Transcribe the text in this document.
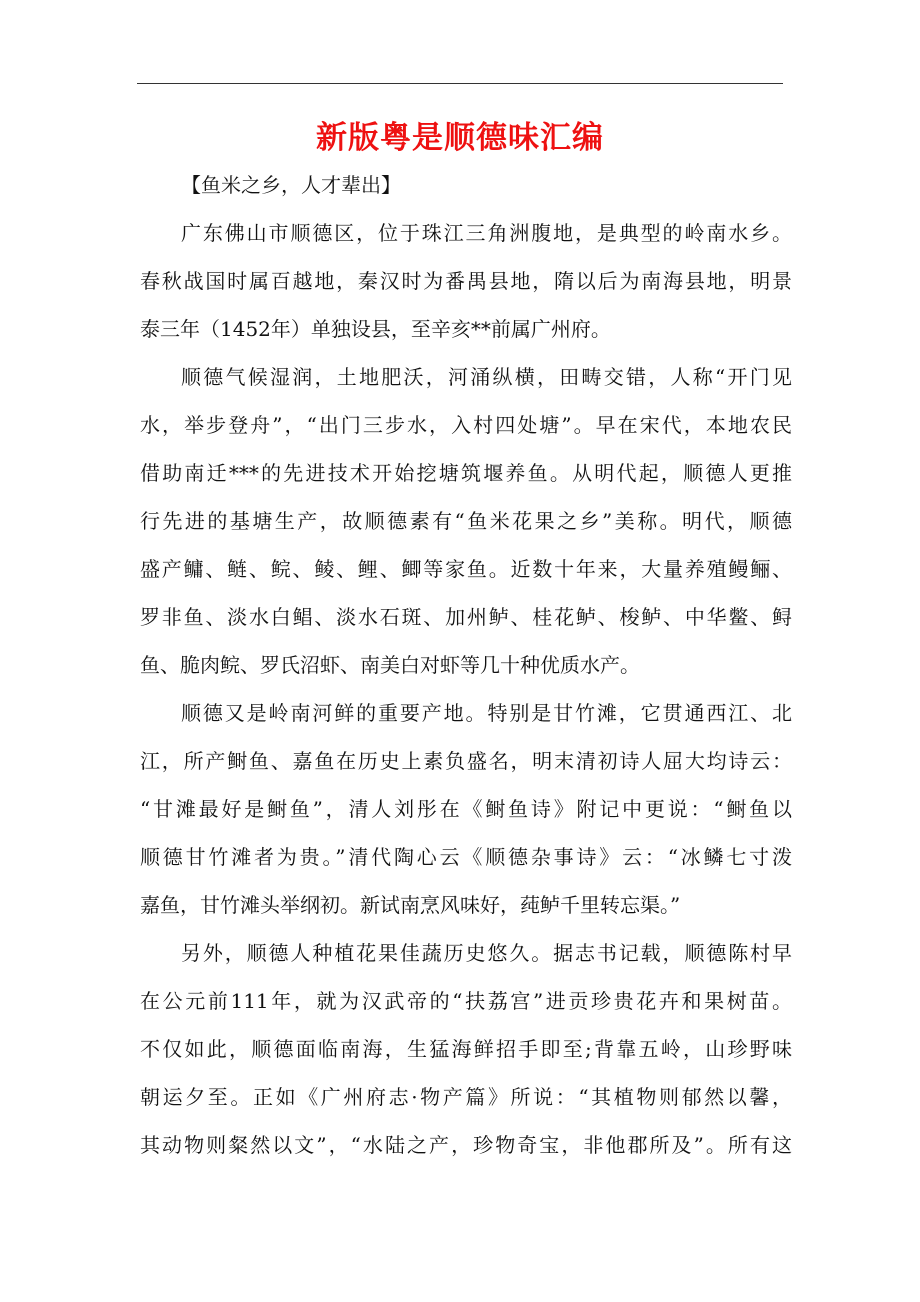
新版粤是顺德味汇编
【鱼米之乡，人才辈出】
广东佛山市顺德区，位于珠江三角洲腹地，是典型的岭南水乡。
春秋战国时属百越地，秦汉时为番禺县地，隋以后为南海县地，明景
泰三年（1452年）单独设县，至辛亥**前属广州府。
顺德气候湿润，土地肥沃，河涌纵横，田畴交错，人称“开门见
水，举步登舟”，“出门三步水，入村四处塘”。早在宋代，本地农民
借助南迁***的先进技术开始挖塘筑堰养鱼。从明代起，顺德人更推
行先进的基塘生产，故顺德素有“鱼米花果之乡”美称。明代，顺德
盛产鳙、鲢、鲩、鲮、鲤、鲫等家鱼。近数十年来，大量养殖鳗鲡、
罗非鱼、淡水白鲳、淡水石斑、加州鲈、桂花鲈、梭鲈、中华鳖、鲟
鱼、脆肉鲩、罗氏沼虾、南美白对虾等几十种优质水产。
顺德又是岭南河鲜的重要产地。特别是甘竹滩，它贯通西江、北
江，所产鲥鱼、嘉鱼在历史上素负盛名，明末清初诗人屈大均诗云：
“甘滩最好是鲥鱼”，清人刘彤在《鲥鱼诗》附记中更说：“鲥鱼以
顺德甘竹滩者为贵。”清代陶心云《顺德杂事诗》云：“冰鳞七寸泼
嘉鱼，甘竹滩头举纲初。新试南烹风味好，莼鲈千里转忘渠。”
另外，顺德人种植花果佳蔬历史悠久。据志书记载，顺德陈村早
在公元前111年，就为汉武帝的“扶荔宫”进贡珍贵花卉和果树苗。
不仅如此，顺德面临南海，生猛海鲜招手即至;背靠五岭，山珍野味
朝运夕至。正如《广州府志·物产篇》所说：“其植物则郁然以馨，
其动物则粲然以文”，“水陆之产，珍物奇宝，非他郡所及”。所有这
